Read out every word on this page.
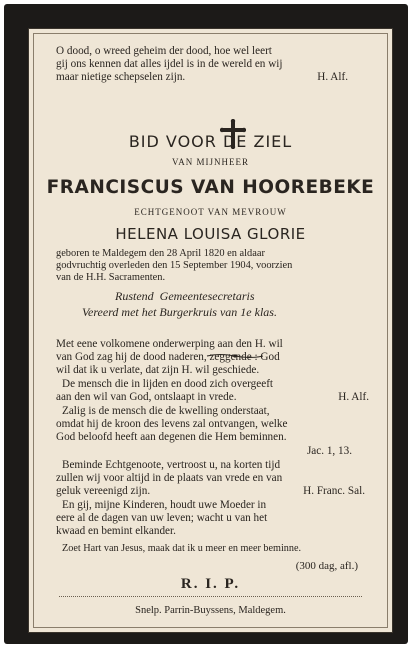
O dood, o wreed geheim der dood, hoe wel leert
gij ons kennen dat alles ijdel is in de wereld en wij
maar nietige schepselen zijn.	H. Alf.
BID VOOR DE ZIEL
VAN MIJNHEER
FRANCISCUS VAN HOOREBEKE
ECHTGENOOT VAN MEVROUW
HELENA LOUISA GLORIE
geboren te Maldegem den 28 April 1820 en aldaar
godvruchtig overleden den 15 September 1904, voorzien
van de H.H. Sacramenten.
Rustend  Gemeentesecretaris
Vereerd met het Burgerkruis van 1e klas.
Met eene volkomene onderwerping aan den H. wil
van God zag hij de dood naderen, zeggende : God
wil dat ik u verlate, dat zijn H. wil geschiede.
De mensch die in lijden en dood zich overgeeft
aan den wil van God, ontslaapt in vrede.	H. Alf.
Zalig is de mensch die de kwelling onderstaat,
omdat hij de kroon des levens zal ontvangen, welke
God beloofd heeft aan degenen die Hem beminnen.
Jac. 1, 13.
Beminde Echtgenoote, vertroost u, na korten tijd
zullen wij voor altijd in de plaats van vrede en van
geluk vereenigd zijn.	H. Franc. Sal.
En gij, mijne Kinderen, houdt uwe Moeder in
eere al de dagen van uw leven; wacht u van het
kwaad en bemint elkander.
Zoet Hart van Jesus, maak dat ik u meer en meer beminne.
(300 dag, afl.)
R. I. P.
Snelp. Parrin-Buyssens, Maldegem.
